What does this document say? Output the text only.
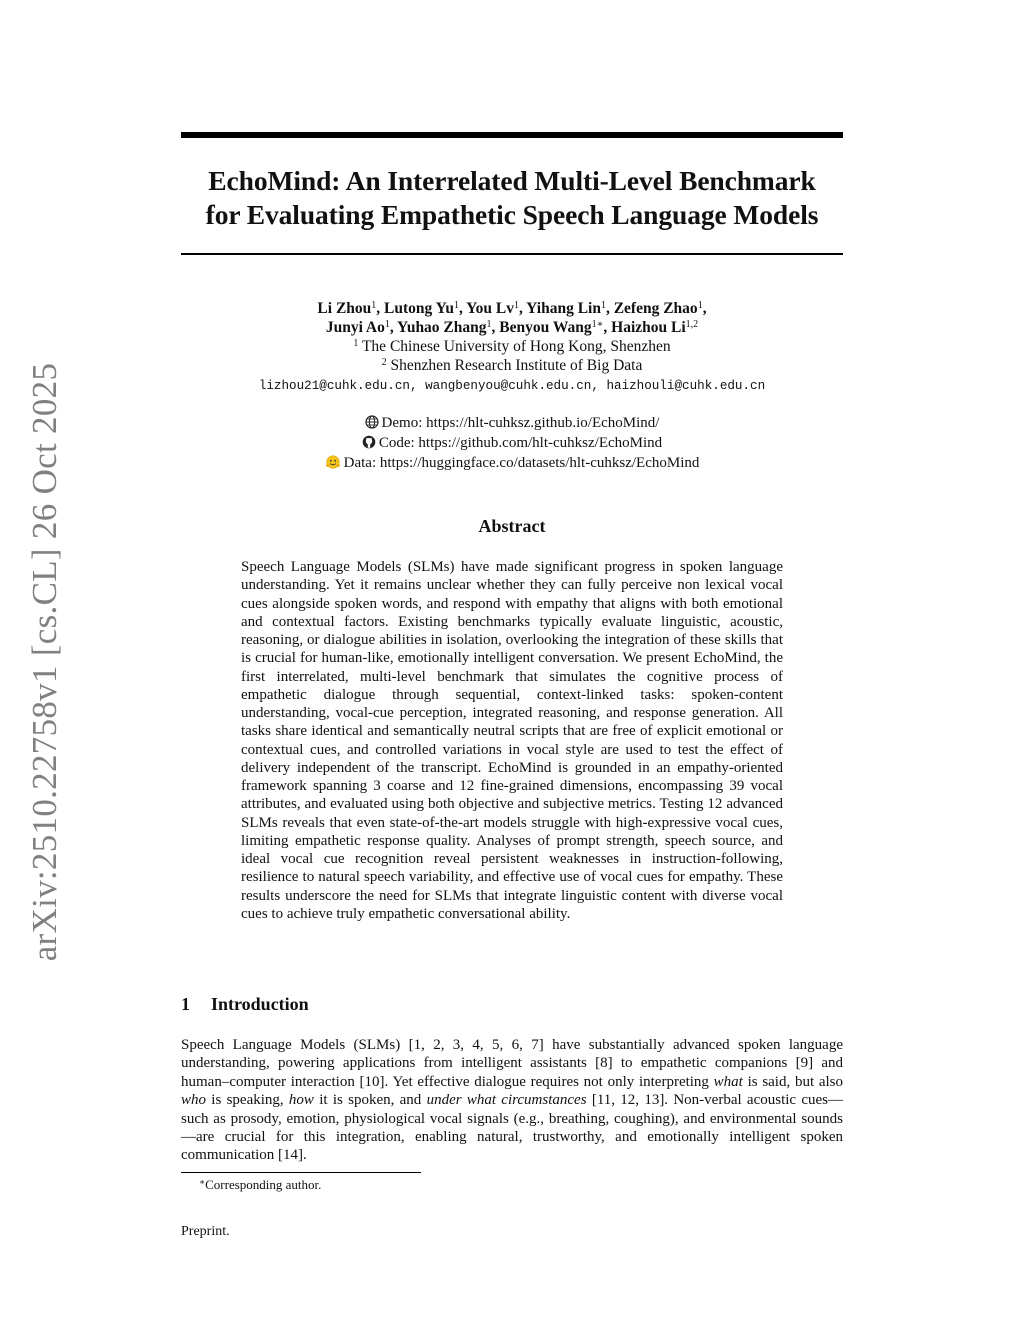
arXiv:2510.22758v1 [cs.CL] 26 Oct 2025
EchoMind: An Interrelated Multi-Level Benchmark
for Evaluating Empathetic Speech Language Models
Li Zhou$^1$, Lutong Yu$^1$, You Lv$^1$, Yihang Lin$^1$, Zefeng Zhao$^1$,
Junyi Ao$^1$, Yuhao Zhang$^1$, Benyou Wang$^{1∗}$, Haizhou Li$^{1,2}$
$^1$ The Chinese University of Hong Kong, Shenzhen
$^2$ Shenzhen Research Institute of Big Data
lizhou21@cuhk.edu.cn, wangbenyou@cuhk.edu.cn, haizhouli@cuhk.edu.cn
Demo: https://hlt-cuhksz.github.io/EchoMind/
Code: https://github.com/hlt-cuhksz/EchoMind
Data: https://huggingface.co/datasets/hlt-cuhksz/EchoMind
Abstract

Speech Language Models (SLMs) have made significant progress in spoken language understanding. Yet it remains unclear whether they can fully perceive non lexical vocal cues alongside spoken words, and respond with empathy that aligns with both emotional and contextual factors. Existing benchmarks typically evaluate linguistic, acoustic, reasoning, or dialogue abilities in isolation, overlooking the integration of these skills that is crucial for human-like, emotionally intelligent conversation. We present EchoMind, the first interrelated, multi-level benchmark that simulates the cognitive process of empathetic dialogue through sequential, context-linked tasks: spoken-content understanding, vocal-cue perception, integrated reasoning, and response generation. All tasks share identical and semantically neutral scripts that are free of explicit emotional or contextual cues, and controlled variations in vocal style are used to test the effect of delivery independent of the transcript. EchoMind is grounded in an empathy-oriented framework spanning 3 coarse and 12 fine-grained dimensions, encompassing 39 vocal attributes, and evaluated using both objective and subjective metrics. Testing 12 advanced SLMs reveals that even state-of-the-art models struggle with high-expressive vocal cues, limiting empathetic response quality. Analyses of prompt strength, speech source, and ideal vocal cue recognition reveal persistent weaknesses in instruction-following, resilience to natural speech variability, and effective use of vocal cues for empathy. These results underscore the need for SLMs that integrate linguistic content with diverse vocal cues to achieve truly empathetic conversational ability.

1 Introduction

Speech Language Models (SLMs) [1, 2, 3, 4, 5, 6, 7] have substantially advanced spoken language understanding, powering applications from intelligent assistants [8] to empathetic companions [9] and human–computer interaction [10]. Yet effective dialogue requires not only interpreting what is said, but also who is speaking, how it is spoken, and under what circumstances [11, 12, 13]. Non-verbal acoustic cues—such as prosody, emotion, physiological vocal signals (e.g., breathing, coughing), and environmental sounds—are crucial for this integration, enabling natural, trustworthy, and emotionally intelligent spoken communication [14].

∗Corresponding author.
Preprint.
